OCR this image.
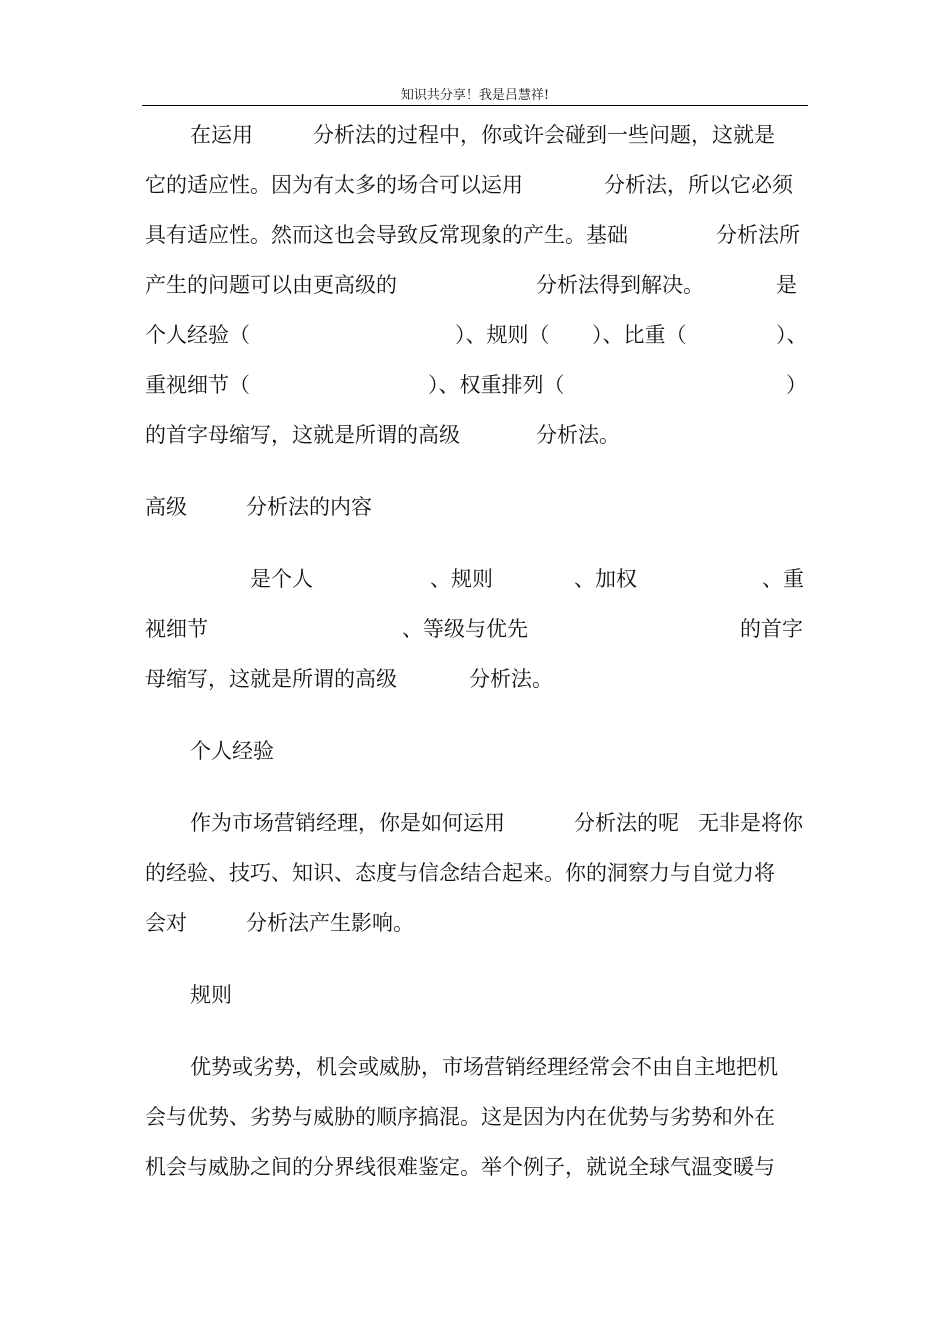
知识共分享！我是吕慧祥!
在运用	分析法的过程中，你或许会碰到一些问题，这就是
它的适应性。因为有太多的场合可以运用	分析法，所以它必须
具有适应性。然而这也会导致反常现象的产生。基础	分析法所
产生的问题可以由更高级的	分析法得到解决。	是
个人经验（	）、规则（ ）、比重（	）、
重视细节（	）、权重排列（	）
的首字母缩写，这就是所谓的高级	分析法。
高级	分析法的内容
是个人	、规则	、加权	、重
视细节	、等级与优先	的首字
母缩写，这就是所谓的高级	分析法。
个人经验
作为市场营销经理，你是如何运用	分析法的呢 无非是将你
的经验、技巧、知识、态度与信念结合起来。你的洞察力与自觉力将
会对	分析法产生影响。
规则
优势或劣势，机会或威胁，市场营销经理经常会不由自主地把机
会与优势、劣势与威胁的顺序搞混。这是因为内在优势与劣势和外在
机会与威胁之间的分界线很难鉴定。举个例子，就说全球气温变暖与
